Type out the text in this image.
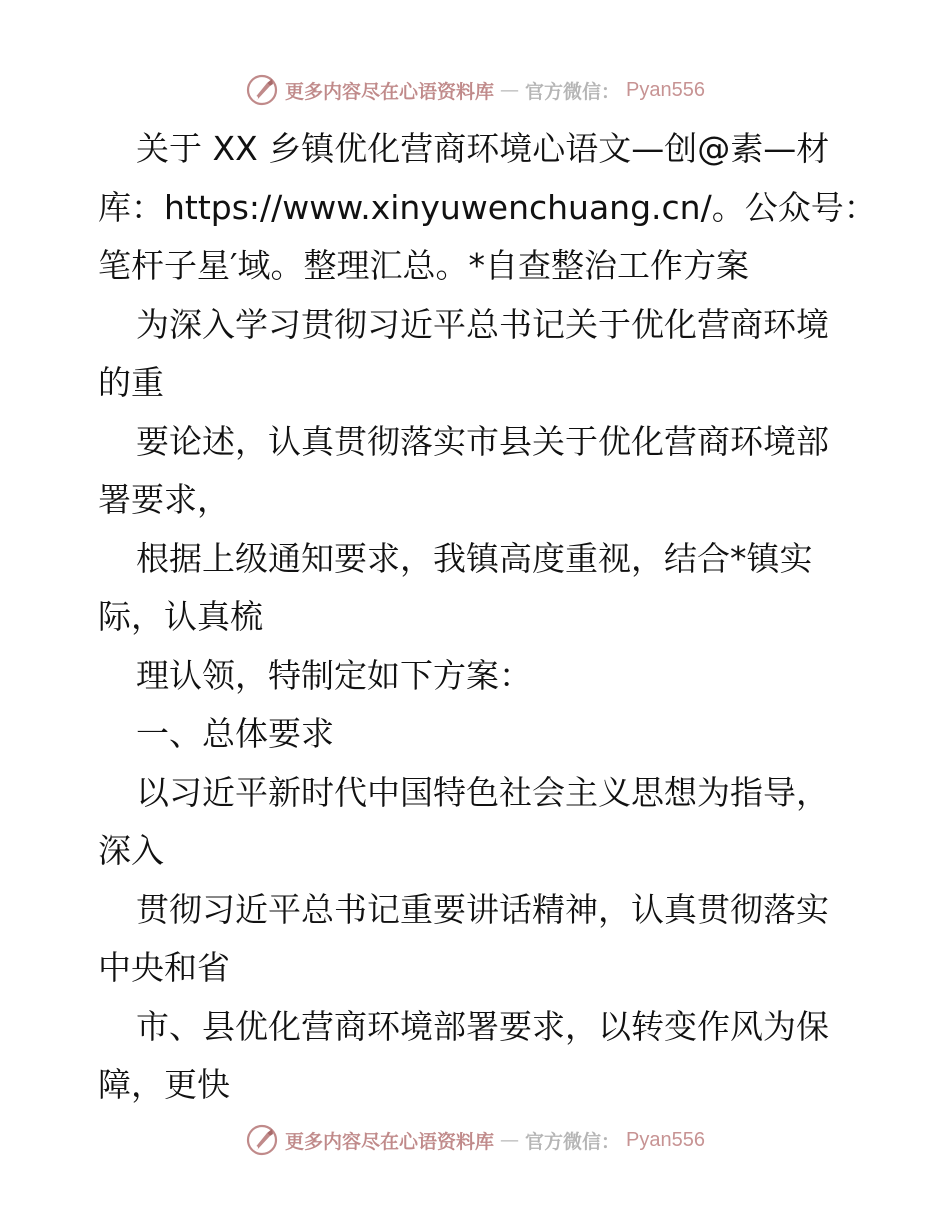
更多内容尽在心语资料库 — 官方微信： Pyan556
关于 XX 乡镇优化营商环境心语文—创@素—材
库：https://www.xinyuwenchuang.cn/。公众号：
笔杆子星′域。整理汇总。*自查整治工作方案
为深入学习贯彻习近平总书记关于优化营商环境
的重
要论述，认真贯彻落实市县关于优化营商环境部
署要求，
根据上级通知要求，我镇高度重视，结合*镇实
际，认真梳
理认领，特制定如下方案：
一、总体要求
以习近平新时代中国特色社会主义思想为指导，
深入
贯彻习近平总书记重要讲话精神，认真贯彻落实
中央和省
市、县优化营商环境部署要求，以转变作风为保
障，更快
更多内容尽在心语资料库 — 官方微信： Pyan556
